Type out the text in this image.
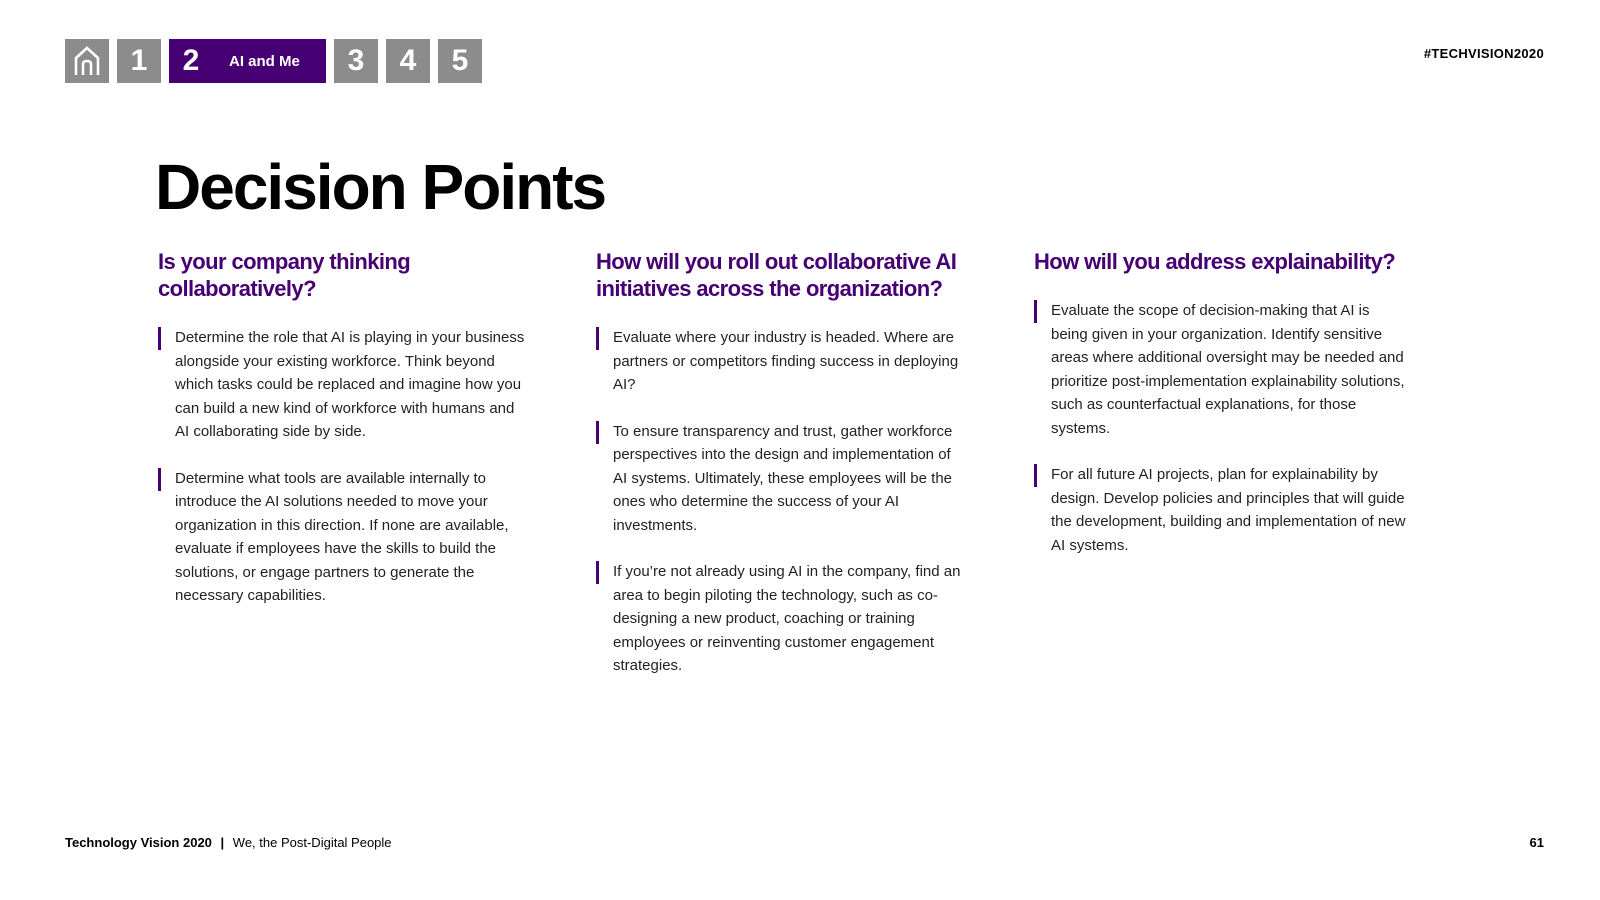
1	2	AI and Me 3 4 5	#TECHVISION2020
Decision Points
Is your company thinking collaboratively?

Determine the role that AI is playing in your business alongside your existing workforce. Think beyond which tasks could be replaced and imagine how you can build a new kind of workforce with humans and AI collaborating side by side.

Determine what tools are available internally to introduce the AI solutions needed to move your organization in this direction. If none are available, evaluate if employees have the skills to build the solutions, or engage partners to generate the necessary capabilities.

How will you roll out collaborative AI initiatives across the organization?

Evaluate where your industry is headed. Where are partners or competitors finding success in deploying AI?

To ensure transparency and trust, gather workforce perspectives into the design and implementation of AI systems. Ultimately, these employees will be the ones who determine the success of your AI investments.

If you’re not already using AI in the company, find an area to begin piloting the technology, such as co-designing a new product, coaching or training employees or reinventing customer engagement strategies.

How will you address explainability?

Evaluate the scope of decision-making that AI is being given in your organization. Identify sensitive areas where additional oversight may be needed and prioritize post-implementation explainability solutions, such as counterfactual explanations, for those systems.

For all future AI projects, plan for explainability by design. Develop policies and principles that will guide the development, building and implementation of new AI systems.

Technology Vision 2020 | We, the Post-Digital People	61
